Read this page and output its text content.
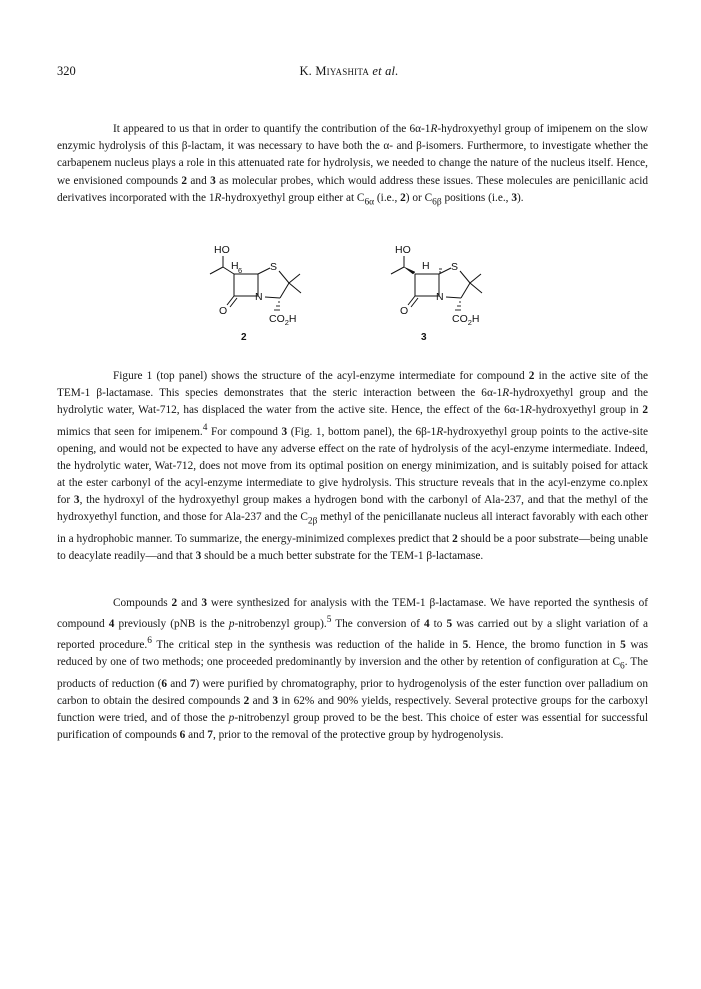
320	K. Miyashita et al.

It appeared to us that in order to quantify the contribution of the 6α-1R-hydroxyethyl group of imipenem on the slow enzymic hydrolysis of this β-lactam, it was necessary to have both the α- and β-isomers. Furthermore, to investigate whether the carbapenem nucleus plays a role in this attenuated rate for hydrolysis, we needed to change the nature of the nucleus itself. Hence, we envisioned compounds 2 and 3 as molecular probes, which would address these issues. These molecules are penicillanic acid derivatives incorporated with the 1R-hydroxyethyl group either at $C_{6\alpha}$ (i.e., 2) or $C_{6\beta}$ positions (i.e., 3).

HO
H 6	S
N
O
$CO_2H$
2
HO
H S
N
O
$CO_2H$
3

Figure 1 (top panel) shows the structure of the acyl-enzyme intermediate for compound 2 in the active site of the TEM-1 β-lactamase. This species demonstrates that the steric interaction between the 6α-1R-hydroxyethyl group and the hydrolytic water, Wat-712, has displaced the water from the active site. Hence, the effect of the 6α-1R-hydroxyethyl group in 2 mimics that seen for imipenem.$^4$ For compound 3 (Fig. 1, bottom panel), the 6β-1R-hydroxyethyl group points to the active-site opening, and would not be expected to have any adverse effect on the rate of hydrolysis of the acyl-enzyme intermediate. Indeed, the hydrolytic water, Wat-712, does not move from its optimal position on energy minimization, and is suitably poised for attack at the ester carbonyl of the acyl-enzyme intermediate to give hydrolysis. This structure reveals that in the acyl-enzyme co.nplex for 3, the hydroxyl of the hydroxyethyl group makes a hydrogen bond with the carbonyl of Ala-237, and that the methyl of the hydroxyethyl function, and those for Ala-237 and the $C_{2\beta}$ methyl of the penicillanate nucleus all interact favorably with each other in a hydrophobic manner. To summarize, the energy-minimized complexes predict that 2 should be a poor substrate—being unable to deacylate readily—and that 3 should be a much better substrate for the TEM-1 β-lactamase.

Compounds 2 and 3 were synthesized for analysis with the TEM-1 β-lactamase. We have reported the synthesis of compound 4 previously (pNB is the p-nitrobenzyl group).$^5$ The conversion of 4 to 5 was carried out by a slight variation of a reported procedure.$^6$ The critical step in the synthesis was reduction of the halide in 5. Hence, the bromo function in 5 was reduced by one of two methods; one proceeded predominantly by inversion and the other by retention of configuration at $C_6$. The products of reduction (6 and 7) were purified by chromatography, prior to hydrogenolysis of the ester function over palladium on carbon to obtain the desired compounds 2 and 3 in 62% and 90% yields, respectively. Several protective groups for the carboxyl function were tried, and of those the p-nitrobenzyl group proved to be the best. This choice of ester was essential for successful purification of compounds 6 and 7, prior to the removal of the protective group by hydrogenolysis.
